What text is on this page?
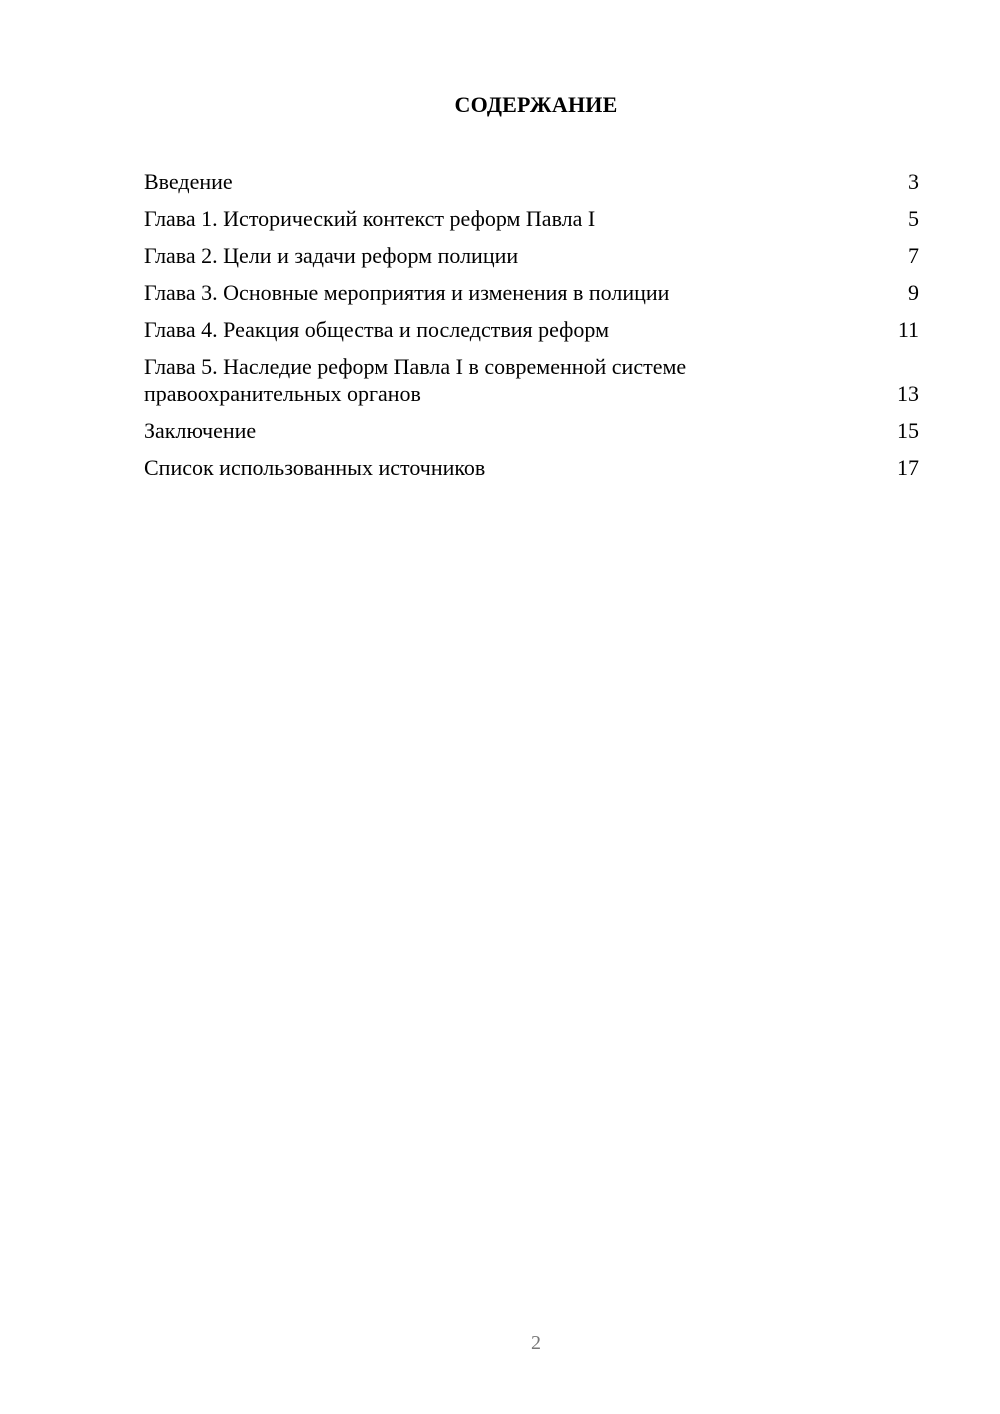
СОДЕРЖАНИЕ
Введение	3
Глава 1. Исторический контекст реформ Павла I	5
Глава 2. Цели и задачи реформ полиции	7
Глава 3. Основные мероприятия и изменения в полиции	9
Глава 4. Реакция общества и последствия реформ	11
Глава 5. Наследие реформ Павла I в современной системе правоохранительных органов	13
Заключение	15
Список использованных источников	17
2
